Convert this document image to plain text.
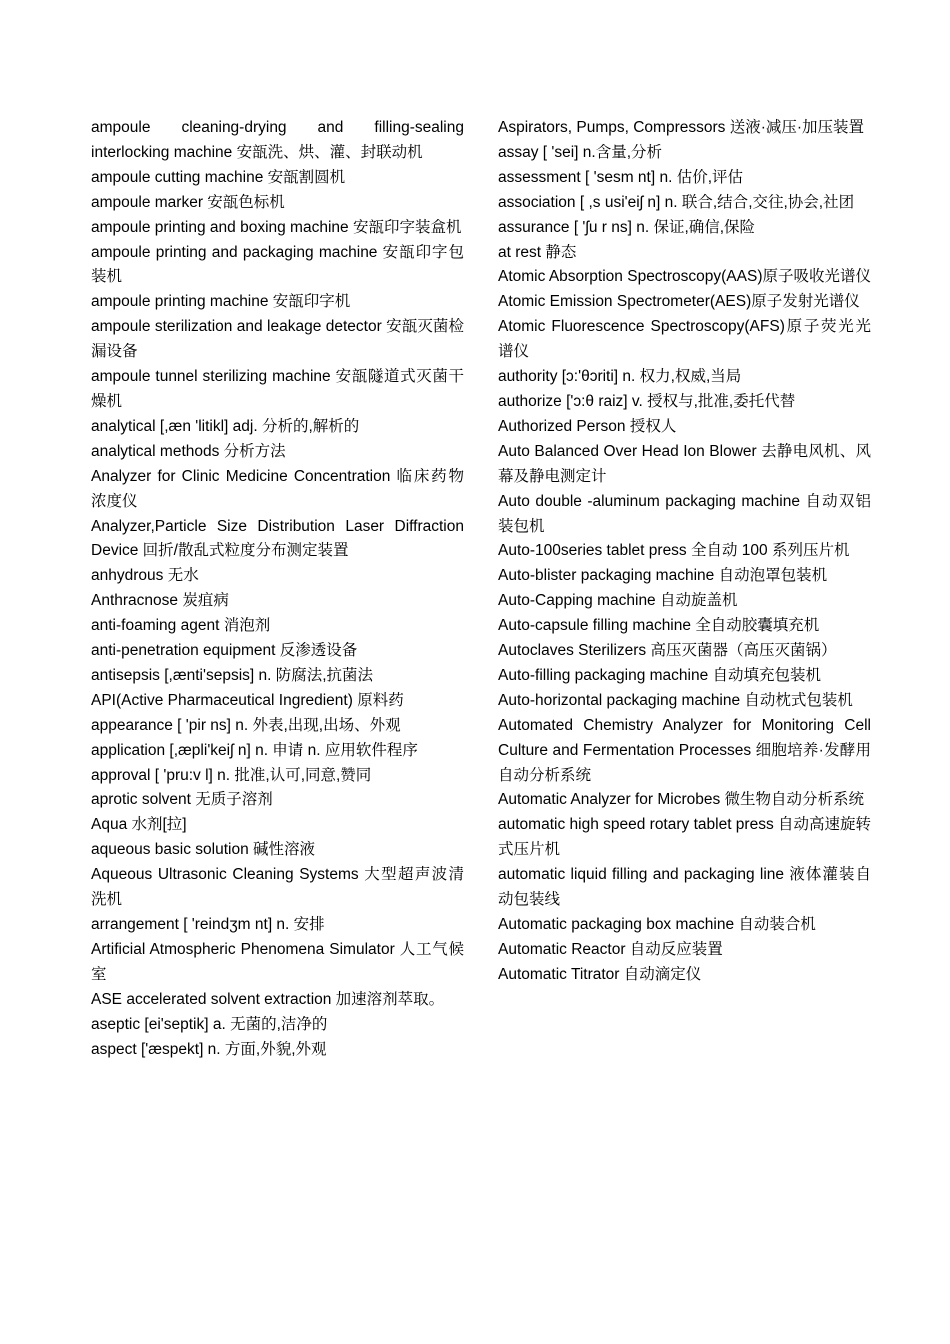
ampoule cleaning-drying and filling-sealing interlocking machine 安瓿洗、烘、灌、封联动机

ampoule cutting machine 安瓿割圆机

ampoule marker 安瓿色标机

ampoule printing and boxing machine 安瓿印字装盒机

ampoule printing and packaging machine 安瓿印字包装机

ampoule printing machine 安瓿印字机

ampoule sterilization and leakage detector 安瓿灭菌检漏设备

ampoule tunnel sterilizing machine 安瓿隧道式灭菌干燥机

analytical [,æn 'litikl] adj. 分析的,解析的

analytical methods 分析方法

Analyzer for Clinic Medicine Concentration 临床药物浓度仪

Analyzer,Particle Size Distribution Laser Diffraction Device 回折/散乱式粒度分布测定装置

anhydrous 无水

Anthracnose 炭疽病

anti-foaming agent 消泡剂

anti-penetration equipment 反渗透设备

antisepsis [,ænti'sepsis] n. 防腐法,抗菌法

API(Active Pharmaceutical Ingredient) 原料药

appearance [ 'pir ns] n. 外表,出现,出场、外观

application [,æpli'keiʃ n] n. 申请 n. 应用软件程序

approval [ 'pru:v l] n. 批准,认可,同意,赞同

aprotic solvent 无质子溶剂

Aqua 水剂[拉]

aqueous basic solution 碱性溶液

Aqueous Ultrasonic Cleaning Systems 大型超声波清洗机

arrangement [ 'reindʒm nt] n. 安排

Artificial Atmospheric Phenomena Simulator 人工气候室

ASE accelerated solvent extraction 加速溶剂萃取。

aseptic [ei'septik] a. 无菌的,洁净的

aspect ['æspekt] n. 方面,外貌,外观

Aspirators, Pumps, Compressors 送液·减压·加压装置

assay [ 'sei] n.含量,分析

assessment [ 'sesm nt] n. 估价,评估

association [ ,s usi'eiʃ n] n. 联合,结合,交往,协会,社团

assurance [ 'ʃu r ns] n. 保证,确信,保险

at rest 静态

Atomic Absorption Spectroscopy(AAS)原子吸收光谱仪

Atomic Emission Spectrometer(AES)原子发射光谱仪

Atomic Fluorescence Spectroscopy(AFS)原子荧光光谱仪

authority [ɔ:'θɔriti] n. 权力,权威,当局

authorize ['ɔ:θ raiz] v. 授权与,批准,委托代替

Authorized Person 授权人

Auto Balanced Over Head Ion Blower 去静电风机、风幕及静电测定计

Auto double -aluminum packaging machine 自动双铝装包机

Auto-100series tablet press 全自动 100 系列压片机

Auto-blister packaging machine 自动泡罩包装机

Auto-Capping machine 自动旋盖机

Auto-capsule filling machine 全自动胶囊填充机

Autoclaves Sterilizers 高压灭菌器（高压灭菌锅）

Auto-filling packaging machine 自动填充包装机

Auto-horizontal packaging machine 自动枕式包装机

Automated Chemistry Analyzer for Monitoring Cell Culture and Fermentation Processes 细胞培养·发酵用自动分析系统

Automatic Analyzer for Microbes 微生物自动分析系统

automatic high speed rotary tablet press 自动高速旋转式压片机

automatic liquid filling and packaging line 液体灌装自动包装线

Automatic packaging box machine 自动装合机

Automatic Reactor 自动反应装置

Automatic Titrator 自动滴定仪
